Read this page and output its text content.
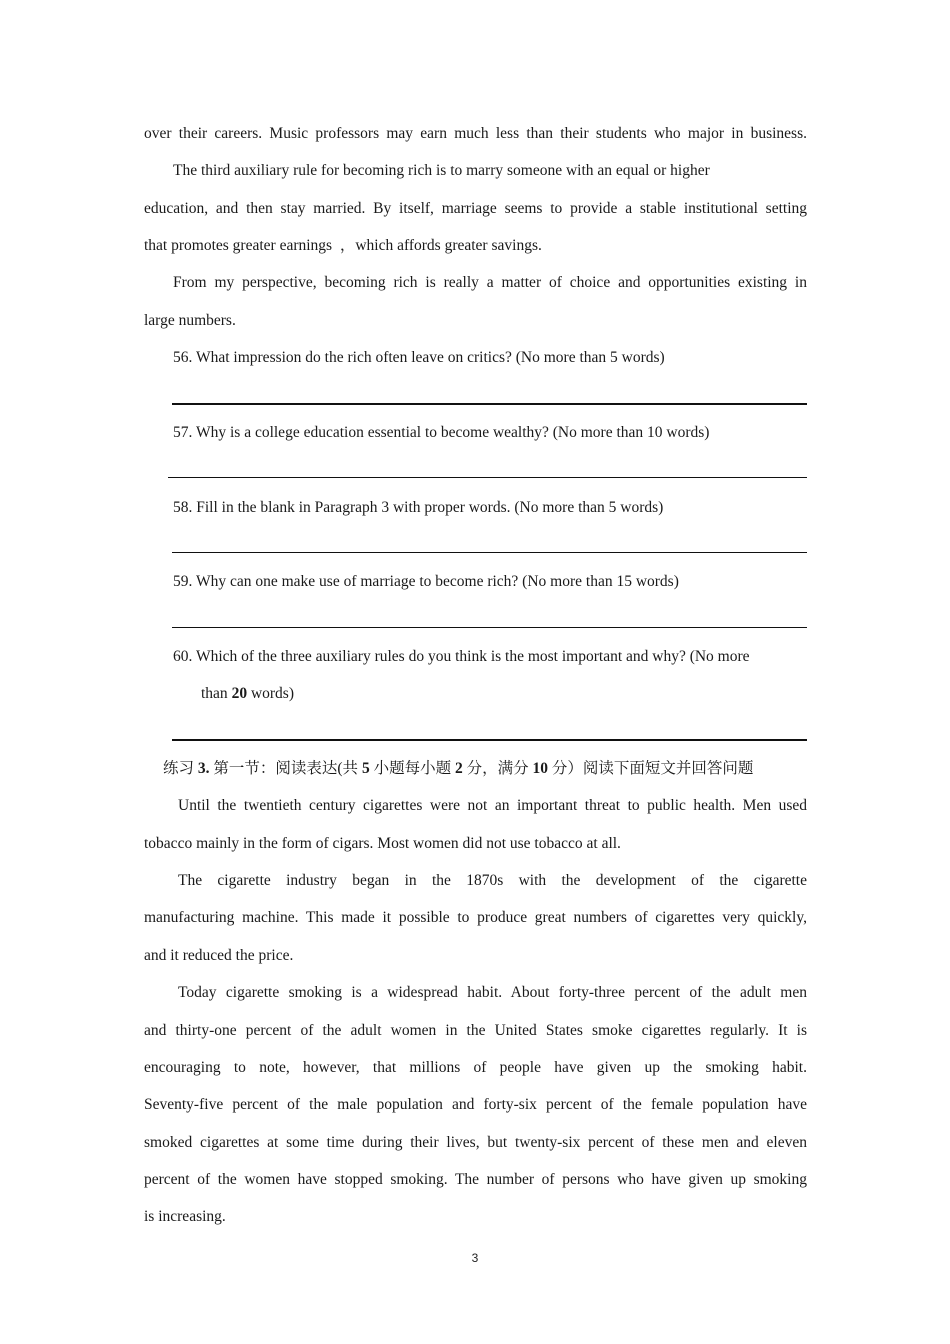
over their careers. Music professors may earn much less than their students who major in business.
The third auxiliary rule for becoming rich is to marry someone with an equal or higher
education, and then stay married. By itself, marriage seems to provide a stable institutional setting
that promotes greater earnings  ，which affords greater savings.
From my perspective, becoming rich is really a matter of choice and opportunities existing in
large numbers.
56. What impression do the rich often leave on critics? (No more than 5 words)
57. Why is a college education essential to become wealthy? (No more than 10 words)
58. Fill in the blank in Paragraph 3 with proper words. (No more than 5 words)
59. Why can one make use of marriage to become rich? (No more than 15 words)
60. Which of the three auxiliary rules do you think is the most important and why? (No more
than 20 words)
练习 3. 第一节：阅读表达(共 5 小题每小题 2 分，满分 10 分）阅读下面短文并回答问题
Until the twentieth century cigarettes were not an important threat to public health. Men used
tobacco mainly in the form of cigars. Most women did not use tobacco at all.
The cigarette industry began in the 1870s with the development of the cigarette
manufacturing machine. This made it possible to produce great numbers of cigarettes very quickly,
and it reduced the price.
Today cigarette smoking is a widespread habit. About forty-three percent of the adult men
and thirty-one percent of the adult women in the United States smoke cigarettes regularly. It is
encouraging to note, however, that millions of people have given up the smoking habit.
Seventy-five percent of the male population and forty-six percent of the female population have
smoked cigarettes at some time during their lives, but twenty-six percent of these men and eleven
percent of the women have stopped smoking. The number of persons who have given up smoking
is increasing.
3
